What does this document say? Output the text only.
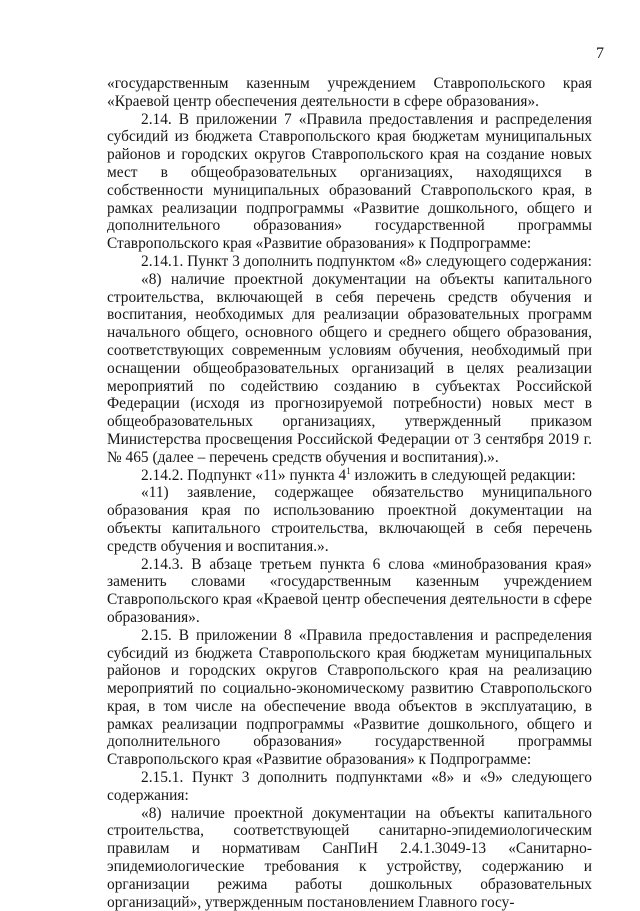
7

«государственным казенным учреждением Ставропольского края «Краевой центр обеспечения деятельности в сфере образования».

2.14. В приложении 7 «Правила предоставления и распределения субсидий из бюджета Ставропольского края бюджетам муниципальных районов и городских округов Ставропольского края на создание новых мест в общеобразовательных организациях, находящихся в собственности муниципальных образований Ставропольского края, в рамках реализации подпрограммы «Развитие дошкольного, общего и дополнительного образования» государственной программы Ставропольского края «Развитие образования» к Подпрограмме:

2.14.1. Пункт 3 дополнить подпунктом «8» следующего содержания:

«8) наличие проектной документации на объекты капитального строительства, включающей в себя перечень средств обучения и воспитания, необходимых для реализации образовательных программ начального общего, основного общего и среднего общего образования, соответствующих современным условиям обучения, необходимый при оснащении общеобразовательных организаций в целях реализации мероприятий по содействию созданию в субъектах Российской Федерации (исходя из прогнозируемой потребности) новых мест в общеобразовательных организациях, утвержденный приказом Министерства просвещения Российской Федерации от 3 сентября 2019 г. № 465 (далее – перечень средств обучения и воспитания).».

2.14.2. Подпункт «11» пункта $4^1$ изложить в следующей редакции:

«11) заявление, содержащее обязательство муниципального образования края по использованию проектной документации на объекты капитального строительства, включающей в себя перечень средств обучения и воспитания.».

2.14.3. В абзаце третьем пункта 6 слова «минобразования края» заменить словами «государственным казенным учреждением Ставропольского края «Краевой центр обеспечения деятельности в сфере образования».

2.15. В приложении 8 «Правила предоставления и распределения субсидий из бюджета Ставропольского края бюджетам муниципальных районов и городских округов Ставропольского края на реализацию мероприятий по социально-экономическому развитию Ставропольского края, в том числе на обеспечение ввода объектов в эксплуатацию, в рамках реализации подпрограммы «Развитие дошкольного, общего и дополнительного образования» государственной программы Ставропольского края «Развитие образования» к Подпрограмме:

2.15.1. Пункт 3 дополнить подпунктами «8» и «9» следующего содержания:

«8) наличие проектной документации на объекты капитального строительства, соответствующей санитарно-эпидемиологическим правилам и нормативам СанПиН 2.4.1.3049-13 «Санитарно-эпидемиологические требования к устройству, содержанию и организации режима работы дошкольных образовательных организаций», утвержденным постановлением Главного госу-
